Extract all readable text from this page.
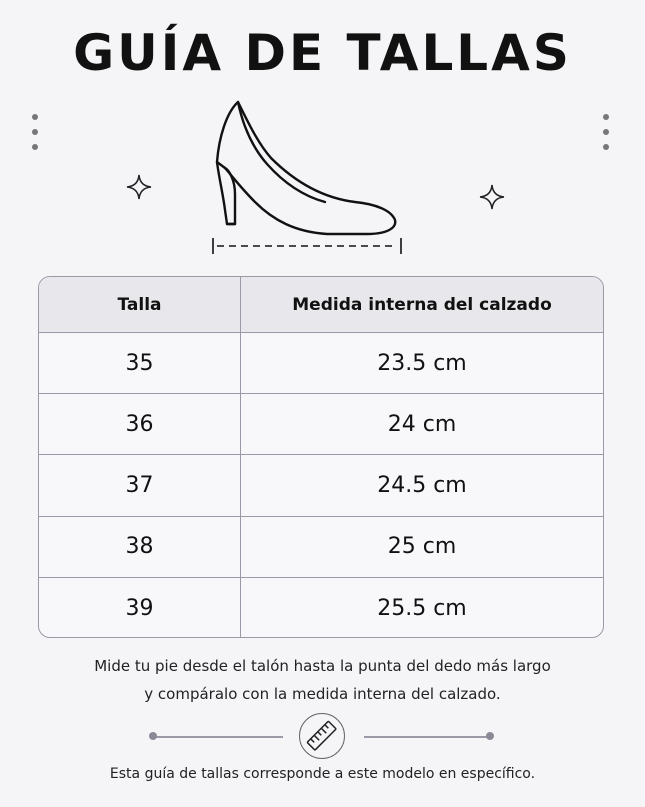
GUÍA DE TALLAS
Talla	Medida interna del calzado
35	23.5 cm
36	24 cm
37	24.5 cm
38	25 cm
39	25.5 cm
Mide tu pie desde el talón hasta la punta del dedo más largo
y compáralo con la medida interna del calzado.
Esta guía de tallas corresponde a este modelo en específico.
